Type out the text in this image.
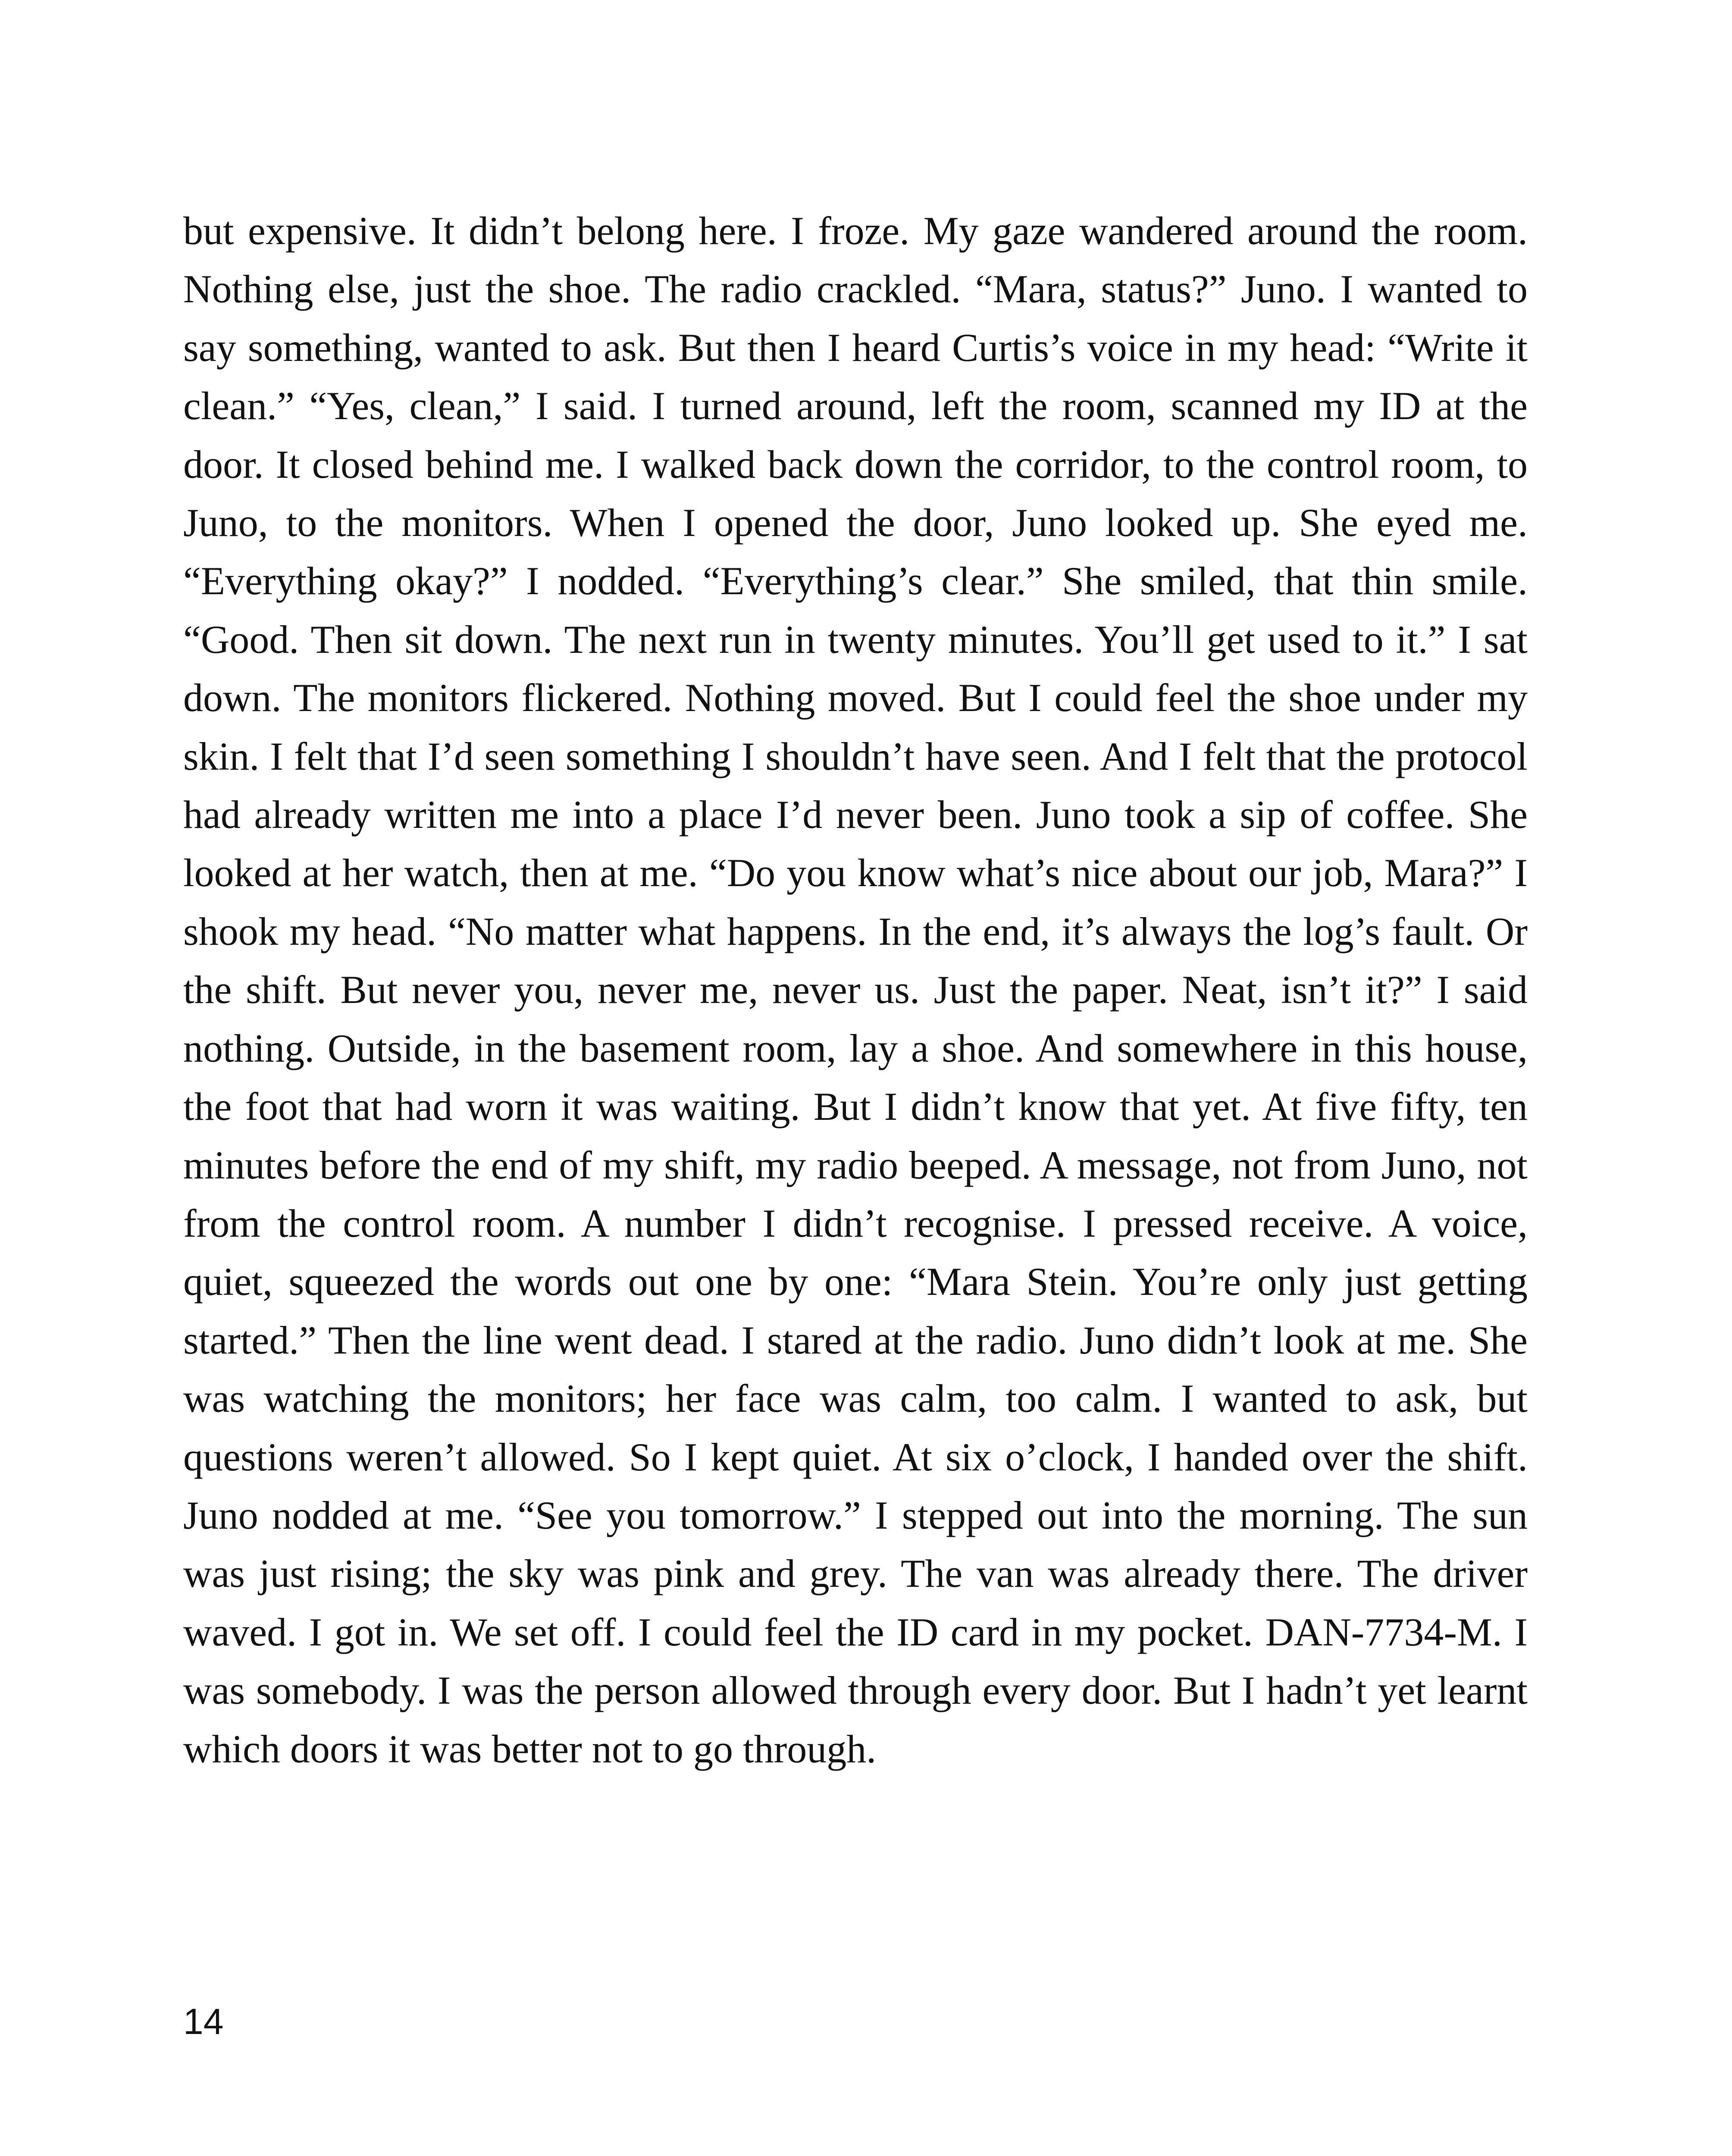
but expensive. It didn’t belong here. I froze. My gaze wandered around the room. Nothing else, just the shoe. The radio crackled. “Mara, status?” Juno. I wanted to say something, wanted to ask. But then I heard Curtis’s voice in my head: “Write it clean.” “Yes, clean,” I said. I turned around, left the room, scanned my ID at the door. It closed behind me. I walked back down the corridor, to the control room, to Juno, to the monitors. When I opened the door, Juno looked up. She eyed me. “Everything okay?” I nodded. “Everything’s clear.” She smiled, that thin smile. “Good. Then sit down. The next run in twenty minutes. You’ll get used to it.” I sat down. The monitors flickered. Nothing moved. But I could feel the shoe under my skin. I felt that I’d seen something I shouldn’t have seen. And I felt that the protocol had already written me into a place I’d never been. Juno took a sip of coffee. She looked at her watch, then at me. “Do you know what’s nice about our job, Mara?” I shook my head. “No matter what happens. In the end, it’s always the log’s fault. Or the shift. But never you, never me, never us. Just the paper. Neat, isn’t it?” I said nothing. Outside, in the basement room, lay a shoe. And somewhere in this house, the foot that had worn it was waiting. But I didn’t know that yet. At five fifty, ten minutes before the end of my shift, my radio beeped. A message, not from Juno, not from the control room. A number I didn’t recognise. I pressed receive. A voice, quiet, squeezed the words out one by one: “Mara Stein. You’re only just getting started.” Then the line went dead. I stared at the radio. Juno didn’t look at me. She was watching the monitors; her face was calm, too calm. I wanted to ask, but questions weren’t allowed. So I kept quiet. At six o’clock, I handed over the shift. Juno nodded at me. “See you tomorrow.” I stepped out into the morning. The sun was just rising; the sky was pink and grey. The van was already there. The driver waved. I got in. We set off. I could feel the ID card in my pocket. DAN-7734-M. I was somebody. I was the person allowed through every door. But I hadn’t yet learnt which doors it was better not to go through.

14
